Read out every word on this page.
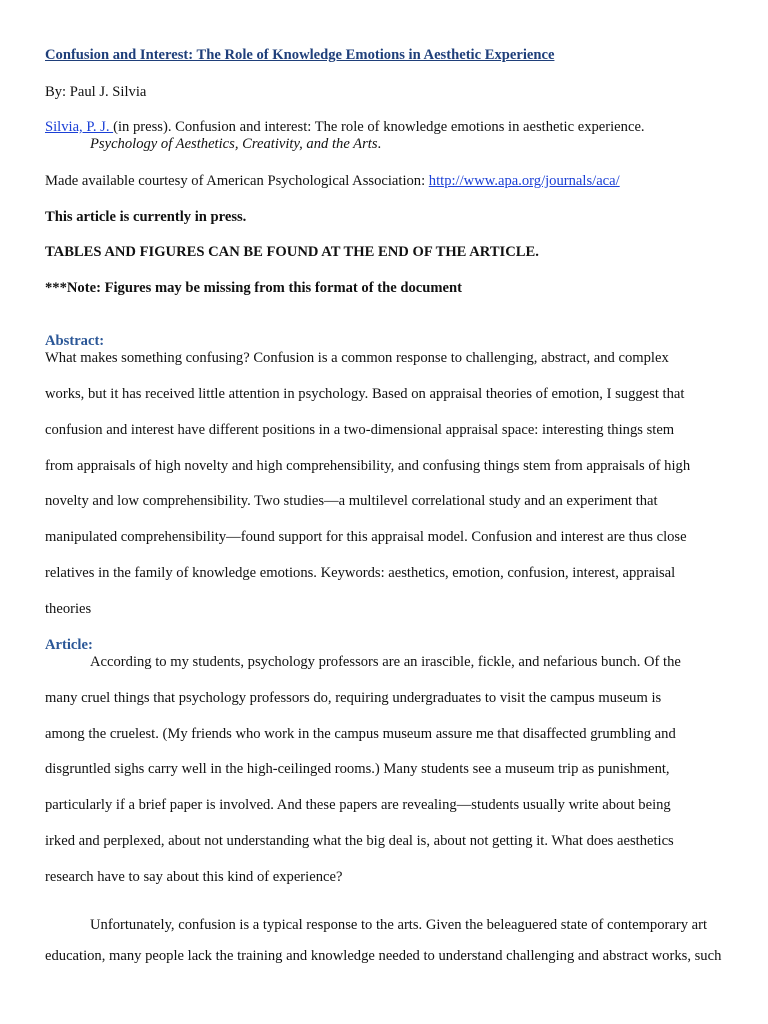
Confusion and Interest: The Role of Knowledge Emotions in Aesthetic Experience
By: Paul J. Silvia
Silvia, P. J. (in press). Confusion and interest: The role of knowledge emotions in aesthetic experience.
Psychology of Aesthetics, Creativity, and the Arts.
Made available courtesy of American Psychological Association: http://www.apa.org/journals/aca/
This article is currently in press.
TABLES AND FIGURES CAN BE FOUND AT THE END OF THE ARTICLE.
***Note: Figures may be missing from this format of the document
Abstract:
What makes something confusing? Confusion is a common response to challenging, abstract, and complex
works, but it has received little attention in psychology. Based on appraisal theories of emotion, I suggest that
confusion and interest have different positions in a two-dimensional appraisal space: interesting things stem
from appraisals of high novelty and high comprehensibility, and confusing things stem from appraisals of high
novelty and low comprehensibility. Two studies—a multilevel correlational study and an experiment that
manipulated comprehensibility—found support for this appraisal model. Confusion and interest are thus close
relatives in the family of knowledge emotions. Keywords: aesthetics, emotion, confusion, interest, appraisal
theories
Article:
According to my students, psychology professors are an irascible, fickle, and nefarious bunch. Of the
many cruel things that psychology professors do, requiring undergraduates to visit the campus museum is
among the cruelest. (My friends who work in the campus museum assure me that disaffected grumbling and
disgruntled sighs carry well in the high-ceilinged rooms.) Many students see a museum trip as punishment,
particularly if a brief paper is involved. And these papers are revealing—students usually write about being
irked and perplexed, about not understanding what the big deal is, about not getting it. What does aesthetics
research have to say about this kind of experience?
Unfortunately, confusion is a typical response to the arts. Given the beleaguered state of contemporary art
education, many people lack the training and knowledge needed to understand challenging and abstract works, such
